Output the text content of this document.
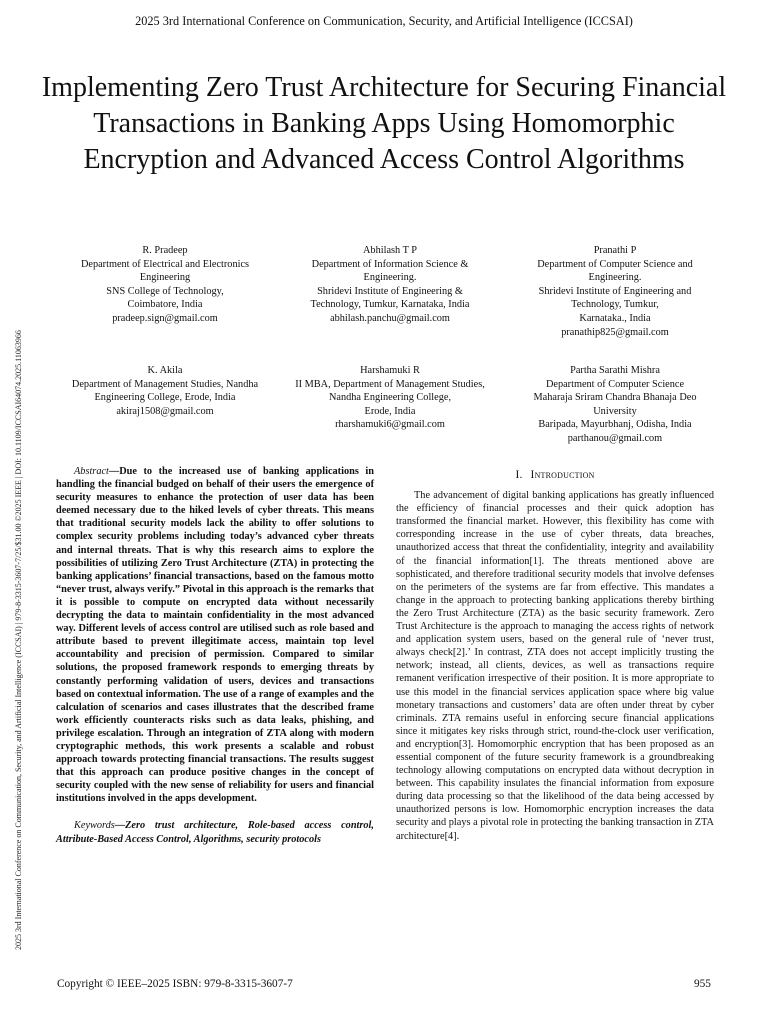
2025 3rd International Conference on Communication, Security, and Artificial Intelligence (ICCSAI)
2025 3rd International Conference on Communication, Security, and Artificial Intelligence (ICCSAI) | 979-8-3315-3607-7/25/$31.00 ©2025 IEEE | DOI: 10.1109/ICCSAI64074.2025.11063966
Implementing Zero Trust Architecture for Securing Financial Transactions in Banking Apps Using Homomorphic Encryption and Advanced Access Control Algorithms
R. Pradeep
Department of Electrical and Electronics
Engineering
SNS College of Technology,
Coimbatore, India
pradeep.sign@gmail.com
Abhilash T P
Department of Information Science &
Engineering.
Shridevi Institute of Engineering &
Technology, Tumkur, Karnataka, India
abhilash.panchu@gmail.com
Pranathi P
Department of Computer Science and
Engineering.
Shridevi Institute of Engineering and
Technology, Tumkur,
Karnataka., India
pranathip825@gmail.com
K. Akila
Department of Management Studies, Nandha
Engineering College, Erode, India
akiraj1508@gmail.com
Harshamuki R
II MBA, Department of Management Studies,
Nandha Engineering College,
Erode, India
rharshamuki6@gmail.com
Partha Sarathi Mishra
Department of Computer Science
Maharaja Sriram Chandra Bhanaja Deo
University
Baripada, Mayurbhanj, Odisha, India
parthanou@gmail.com

Abstract—Due to the increased use of banking applications in handling the financial budged on behalf of their users the emergence of security measures to enhance the protection of user data has been deemed necessary due to the hiked levels of cyber threats. This means that traditional security models lack the ability to offer solutions to complex security problems including today’s advanced cyber threats and internal threats. That is why this research aims to explore the possibilities of utilizing Zero Trust Architecture (ZTA) in protecting the banking applications’ financial transactions, based on the famous motto “never trust, always verify.” Pivotal in this approach is the remarks that it is possible to compute on encrypted data without necessarily decrypting the data to maintain confidentiality in the most advanced way. Different levels of access control are utilised such as role based and attribute based to prevent illegitimate access, maintain top level accountability and precision of permission. Compared to similar solutions, the proposed framework responds to emerging threats by constantly performing validation of users, devices and transactions based on contextual information. The use of a range of examples and the calculation of scenarios and cases illustrates that the described frame work efficiently counteracts risks such as data leaks, phishing, and privilege escalation. Through an integration of ZTA along with modern cryptographic methods, this work presents a scalable and robust approach towards protecting financial transactions. The results suggest that this approach can produce positive changes in the concept of security coupled with the new sense of reliability for users and financial institutions involved in the apps development.

Keywords—Zero trust architecture, Role-based access control, Attribute-Based Access Control, Algorithms, security protocols

I. Introduction

The advancement of digital banking applications has greatly influenced the efficiency of financial processes and their quick adoption has transformed the financial market. However, this flexibility has come with corresponding increase in the use of cyber threats, data breaches, unauthorized access that threat the confidentiality, integrity and availability of the financial information[1]. The threats mentioned above are sophisticated, and therefore traditional security models that involve defenses on the perimeters of the systems are far from effective. This mandates a change in the approach to protecting banking applications thereby birthing the Zero Trust Architecture (ZTA) as the basic security framework. Zero Trust Architecture is the approach to managing the access rights of network and application system users, based on the general rule of ‘never trust, always check[2].’ In contrast, ZTA does not accept implicitly trusting the network; instead, all clients, devices, as well as transactions require remanent verification irrespective of their position. It is more appropriate to use this model in the financial services application space where big value monetary transactions and customers’ data are often under threat by cyber criminals. ZTA remains useful in enforcing secure financial applications since it mitigates key risks through strict, round-the-clock user verification, and encryption[3]. Homomorphic encryption that has been proposed as an essential component of the future security framework is a groundbreaking technology allowing computations on encrypted data without decryption in between. This capability insulates the financial information from exposure during data processing so that the likelihood of the data being accessed by unauthorized persons is low. Homomorphic encryption increases the data security and plays a pivotal role in protecting the banking transaction in ZTA architecture[4].

Copyright © IEEE–2025 ISBN: 979-8-3315-3607-7	955
